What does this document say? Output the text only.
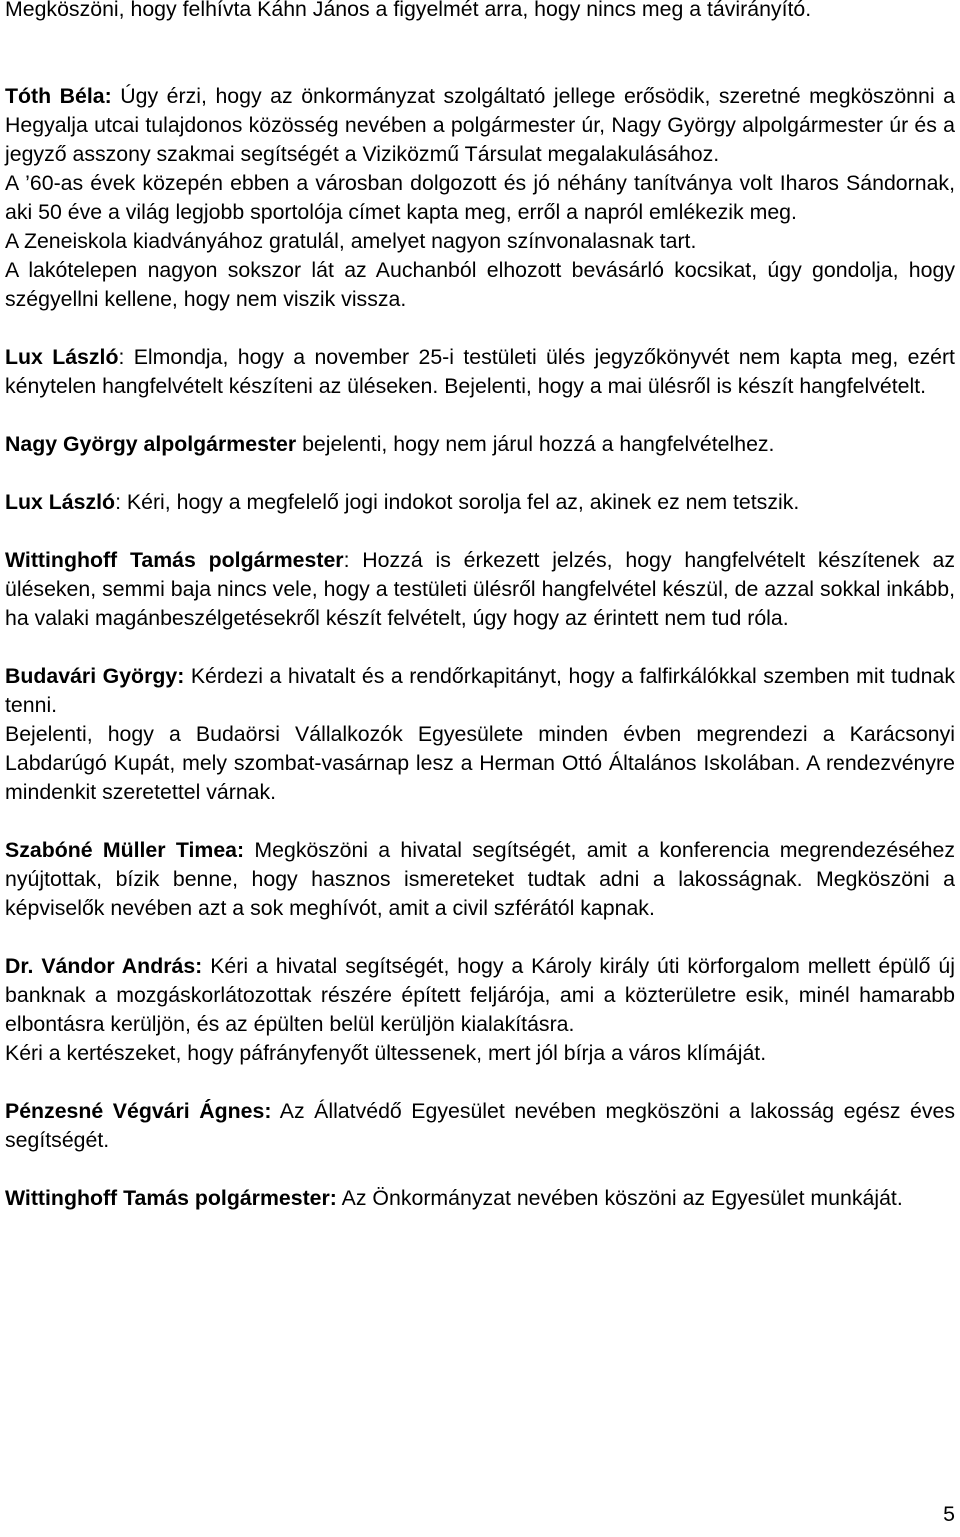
Megköszöni, hogy felhívta Káhn János a figyelmét arra, hogy nincs meg a távirányító.

Tóth Béla: Úgy érzi, hogy az önkormányzat szolgáltató jellege erősödik, szeretné megköszönni a Hegyalja utcai tulajdonos közösség nevében a polgármester úr, Nagy György alpolgármester úr és a jegyző asszony szakmai segítségét a Viziközmű Társulat megalakulásához.

A ’60-as évek közepén ebben a városban dolgozott és jó néhány tanítványa volt Iharos Sándornak, aki 50 éve a világ legjobb sportolója címet kapta meg, erről a napról emlékezik meg.

A Zeneiskola kiadványához gratulál, amelyet nagyon színvonalasnak tart.

A lakótelepen nagyon sokszor lát az Auchanból elhozott bevásárló kocsikat, úgy gondolja, hogy szégyellni kellene, hogy nem viszik vissza.

Lux László: Elmondja, hogy a november 25-i testületi ülés jegyzőkönyvét nem kapta meg, ezért kénytelen hangfelvételt készíteni az üléseken. Bejelenti, hogy a mai ülésről is készít hangfelvételt.

Nagy György alpolgármester bejelenti, hogy nem járul hozzá a hangfelvételhez.

Lux László: Kéri, hogy a megfelelő jogi indokot sorolja fel az, akinek ez nem tetszik.

Wittinghoff Tamás polgármester: Hozzá is érkezett jelzés, hogy hangfelvételt készítenek az üléseken, semmi baja nincs vele, hogy a testületi ülésről hangfelvétel készül, de azzal sokkal inkább, ha valaki magánbeszélgetésekről készít felvételt, úgy hogy az érintett nem tud róla.

Budavári György: Kérdezi a hivatalt és a rendőrkapitányt, hogy a falfirkálókkal szemben mit tudnak tenni.

Bejelenti, hogy a Budaörsi Vállalkozók Egyesülete minden évben megrendezi a Karácsonyi Labdarúgó Kupát, mely szombat-vasárnap lesz a Herman Ottó Általános Iskolában. A rendezvényre mindenkit szeretettel várnak.

Szabóné Müller Timea: Megköszöni a hivatal segítségét, amit a konferencia megrendezéséhez nyújtottak, bízik benne, hogy hasznos ismereteket tudtak adni a lakosságnak. Megköszöni a képviselők nevében azt a sok meghívót, amit a civil szférától kapnak.

Dr. Vándor András: Kéri a hivatal segítségét, hogy a Károly király úti körforgalom mellett épülő új banknak a mozgáskorlátozottak részére épített feljárója, ami a közterületre esik, minél hamarabb elbontásra kerüljön, és az épülten belül kerüljön kialakításra.

Kéri a kertészeket, hogy páfrányfenyőt ültessenek, mert jól bírja a város klímáját.

Pénzesné Végvári Ágnes: Az Állatvédő Egyesület nevében megköszöni a lakosság egész éves segítségét.

Wittinghoff Tamás polgármester: Az Önkormányzat nevében köszöni az Egyesület munkáját.

5
